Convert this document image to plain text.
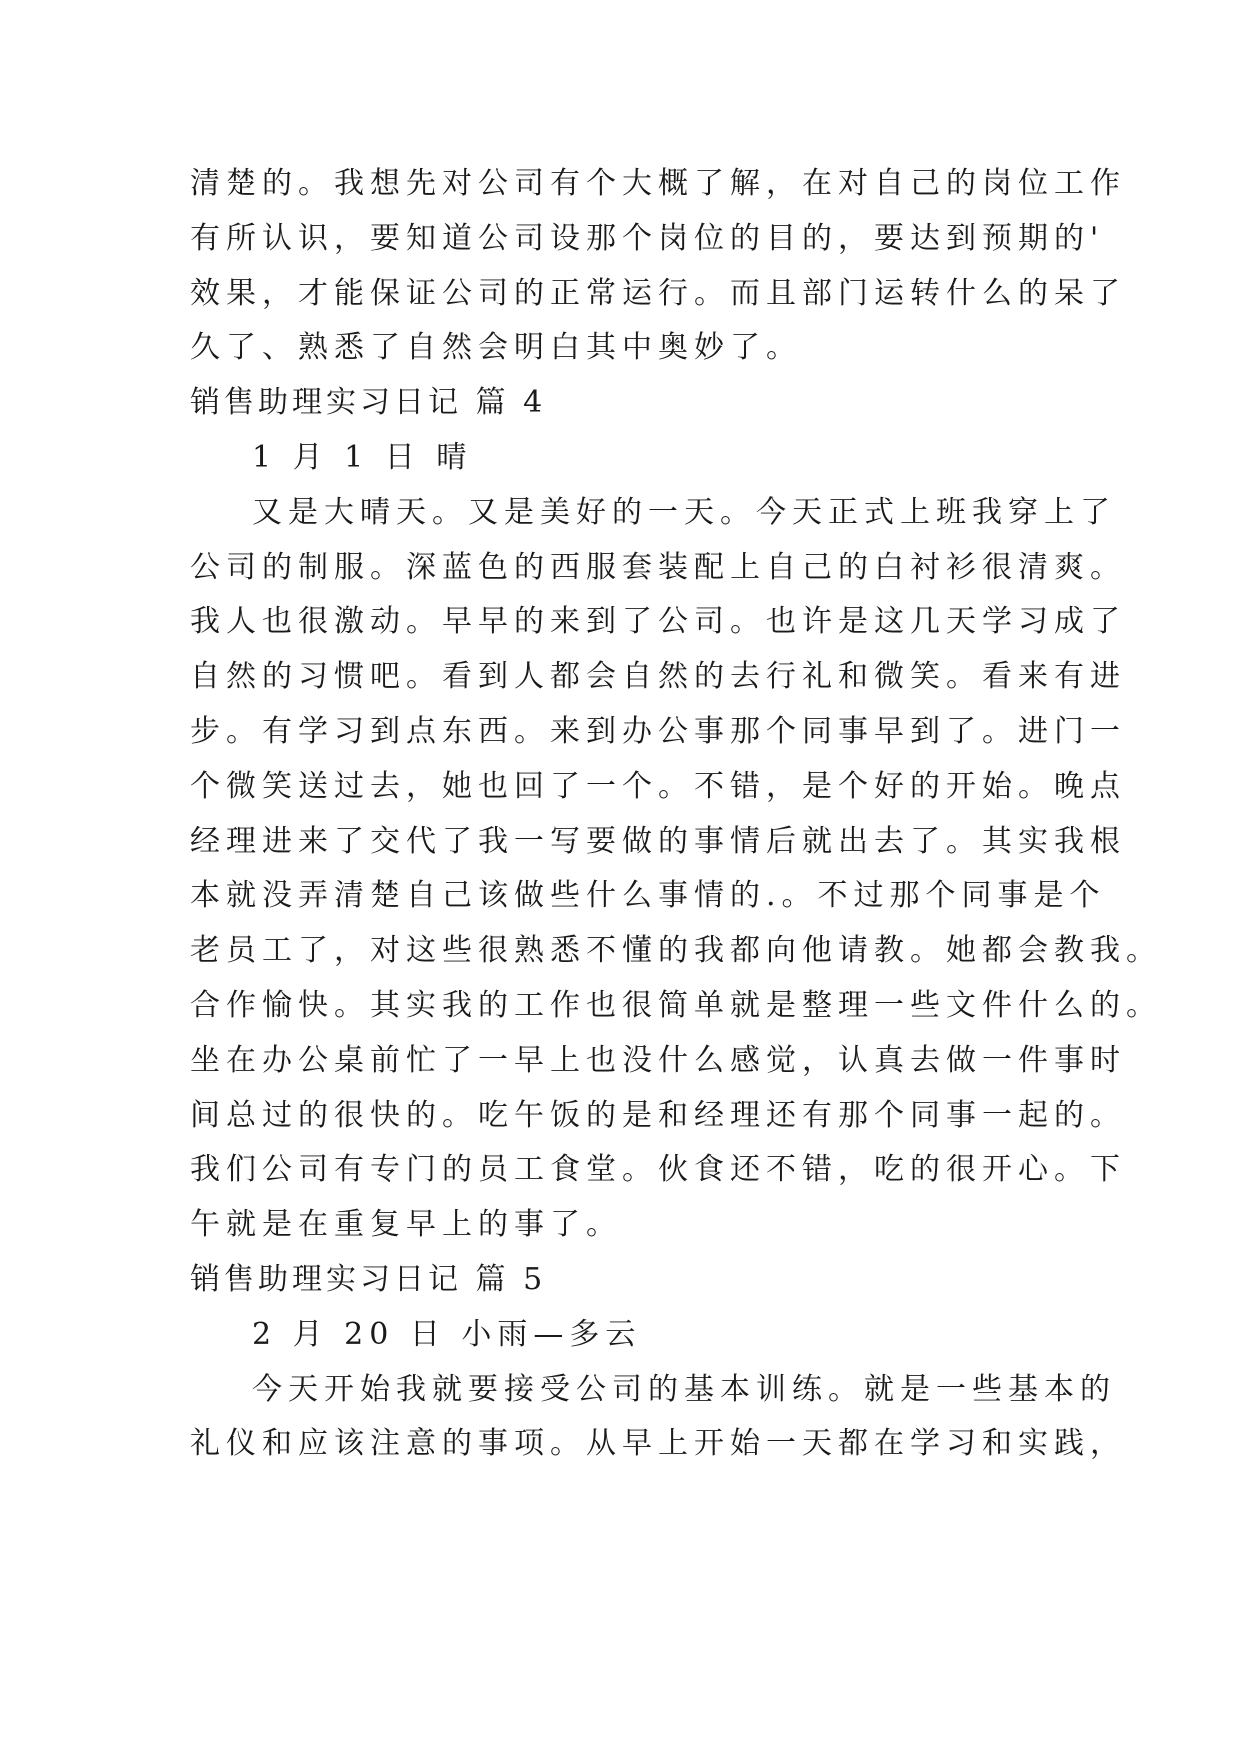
清楚的。我想先对公司有个大概了解，在对自己的岗位工作
有所认识，要知道公司设那个岗位的目的，要达到预期的'
效果，才能保证公司的正常运行。而且部门运转什么的呆了
久了、熟悉了自然会明白其中奥妙了。
销售助理实习日记 篇 4
1 月 1 日 晴
又是大晴天。又是美好的一天。今天正式上班我穿上了
公司的制服。深蓝色的西服套装配上自己的白衬衫很清爽。
我人也很激动。早早的来到了公司。也许是这几天学习成了
自然的习惯吧。看到人都会自然的去行礼和微笑。看来有进
步。有学习到点东西。来到办公事那个同事早到了。进门一
个微笑送过去，她也回了一个。不错，是个好的开始。晚点
经理进来了交代了我一写要做的事情后就出去了。其实我根
本就没弄清楚自己该做些什么事情的.。不过那个同事是个
老员工了，对这些很熟悉不懂的我都向他请教。她都会教我。
合作愉快。其实我的工作也很简单就是整理一些文件什么的。
坐在办公桌前忙了一早上也没什么感觉，认真去做一件事时
间总过的很快的。吃午饭的是和经理还有那个同事一起的。
我们公司有专门的员工食堂。伙食还不错，吃的很开心。下
午就是在重复早上的事了。
销售助理实习日记 篇 5
2 月 20 日 小雨—多云
今天开始我就要接受公司的基本训练。就是一些基本的
礼仪和应该注意的事项。从早上开始一天都在学习和实践，
